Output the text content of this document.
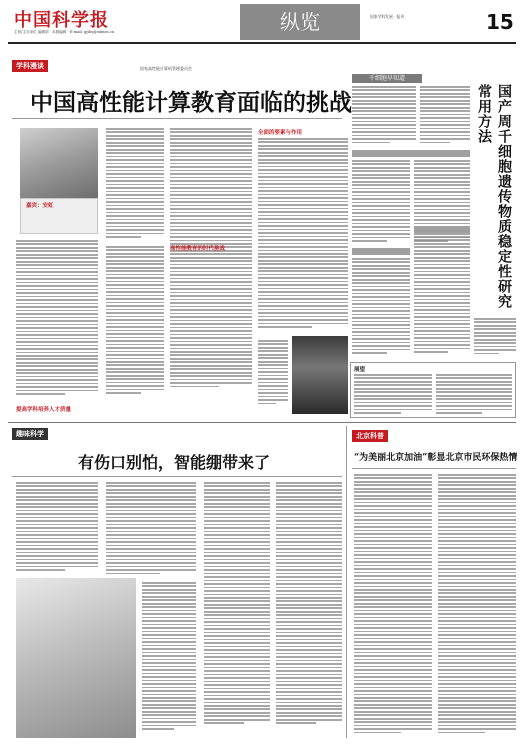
中国科学报
主管/主办单位 编辑部 · 本版编辑 · E-mail: gjtbs@stimes.cn	纵览	国家学科发展 · 报刊	15
学科漫谈	国家高性能计算机管理委员会
中国高性能计算教育面临的挑战
嘉宾：安虹
提高学科培养人才质量
高性能教育的时代挑战
全面的要素与作用
千细胞早知道
国产周千细胞遗传物质稳定性研究常用方法
展望
趣味科学
有伤口别怕，智能绷带来了
北京科普
“为美丽北京加油”彰显北京市民环保热情
